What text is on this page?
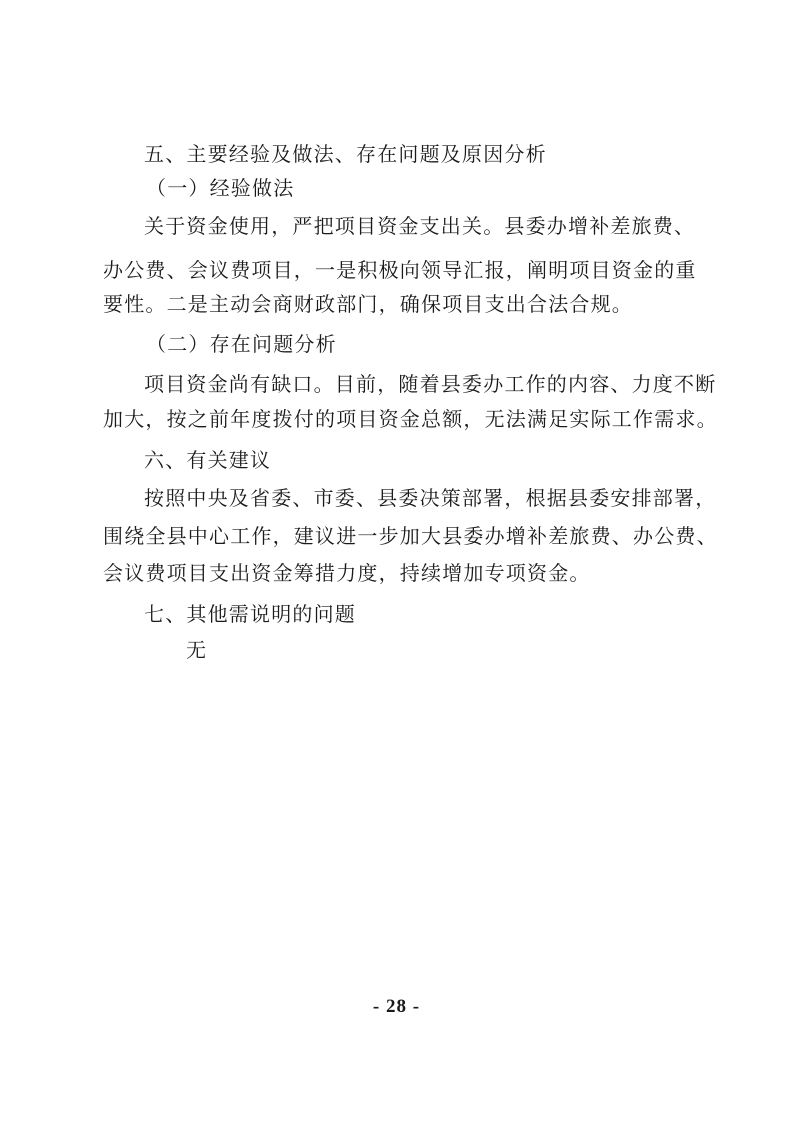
五、主要经验及做法、存在问题及原因分析
（一）经验做法
关于资金使用，严把项目资金支出关。县委办增补差旅费、
办公费、会议费项目，一是积极向领导汇报，阐明项目资金的重
要性。二是主动会商财政部门，确保项目支出合法合规。
（二）存在问题分析
项目资金尚有缺口。目前，随着县委办工作的内容、力度不断
加大，按之前年度拨付的项目资金总额，无法满足实际工作需求。
六、有关建议
按照中央及省委、市委、县委决策部署，根据县委安排部署，
围绕全县中心工作，建议进一步加大县委办增补差旅费、办公费、
会议费项目支出资金筹措力度，持续增加专项资金。
七、其他需说明的问题
无
- 28 -
